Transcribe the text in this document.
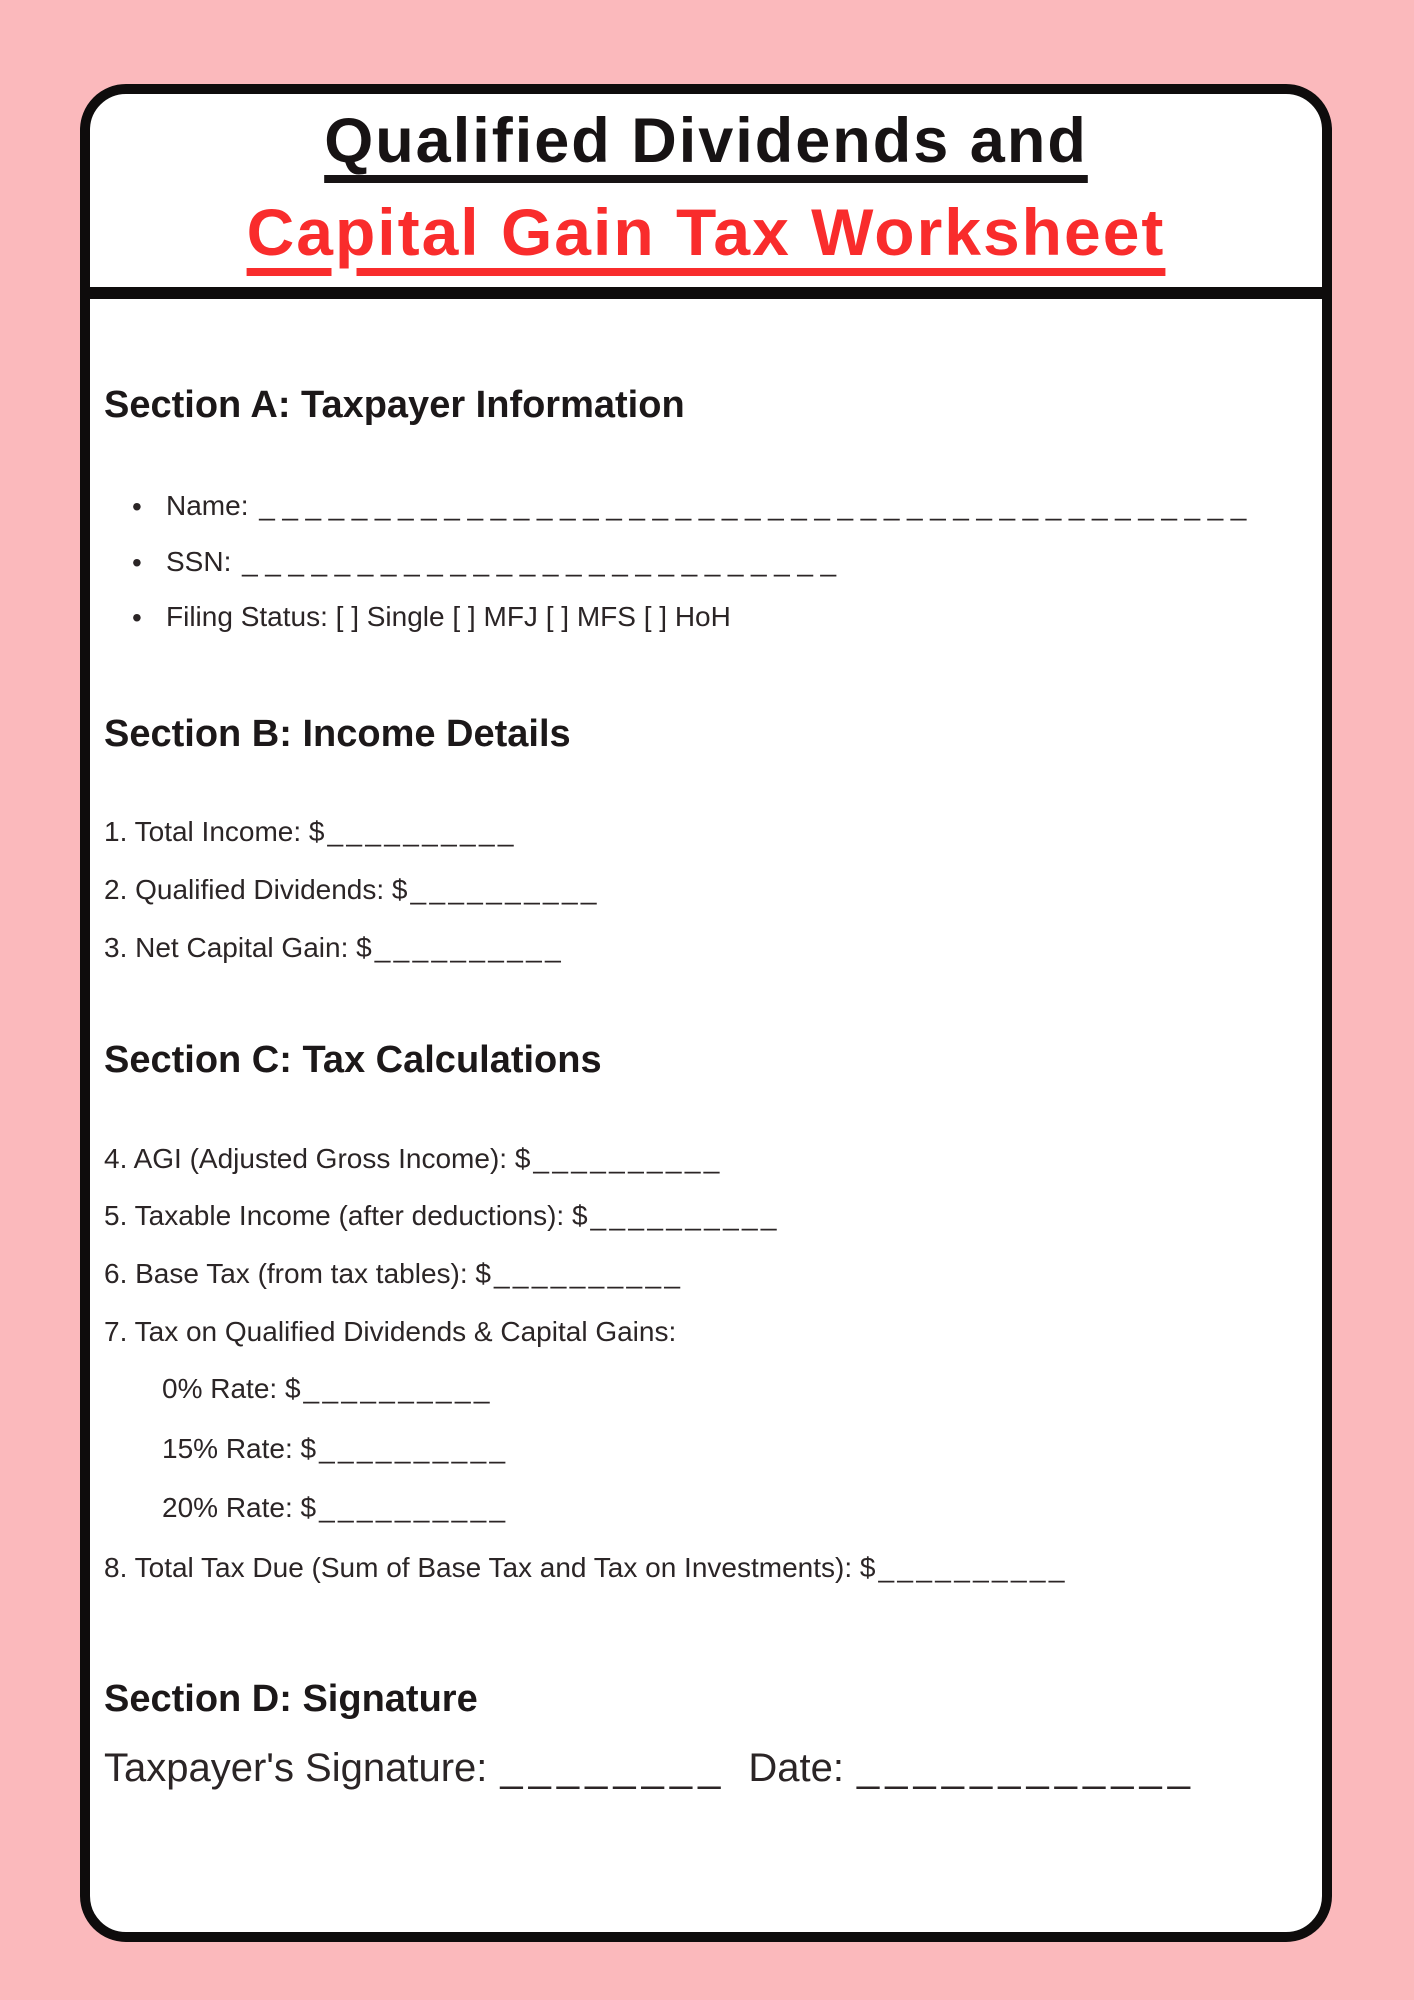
Qualified Dividends and
Capital Gain Tax Worksheet
Section A: Taxpayer Information
• Name: ___________________________________________
• SSN: __________________________
• Filing Status: [ ] Single [ ] MFJ [ ] MFS [ ] HoH
Section B: Income Details
1. Total Income: $ __________
2. Qualified Dividends: $ __________
3. Net Capital Gain: $ __________
Section C: Tax Calculations
4. AGI (Adjusted Gross Income): $ __________
5. Taxable Income (after deductions): $ __________
6. Base Tax (from tax tables): $ __________
7. Tax on Qualified Dividends & Capital Gains:
0% Rate: $ __________
15% Rate: $ __________
20% Rate: $ __________
8. Total Tax Due (Sum of Base Tax and Tax on Investments): $ __________
Section D: Signature
Taxpayer's Signature: ________ Date: ____________
